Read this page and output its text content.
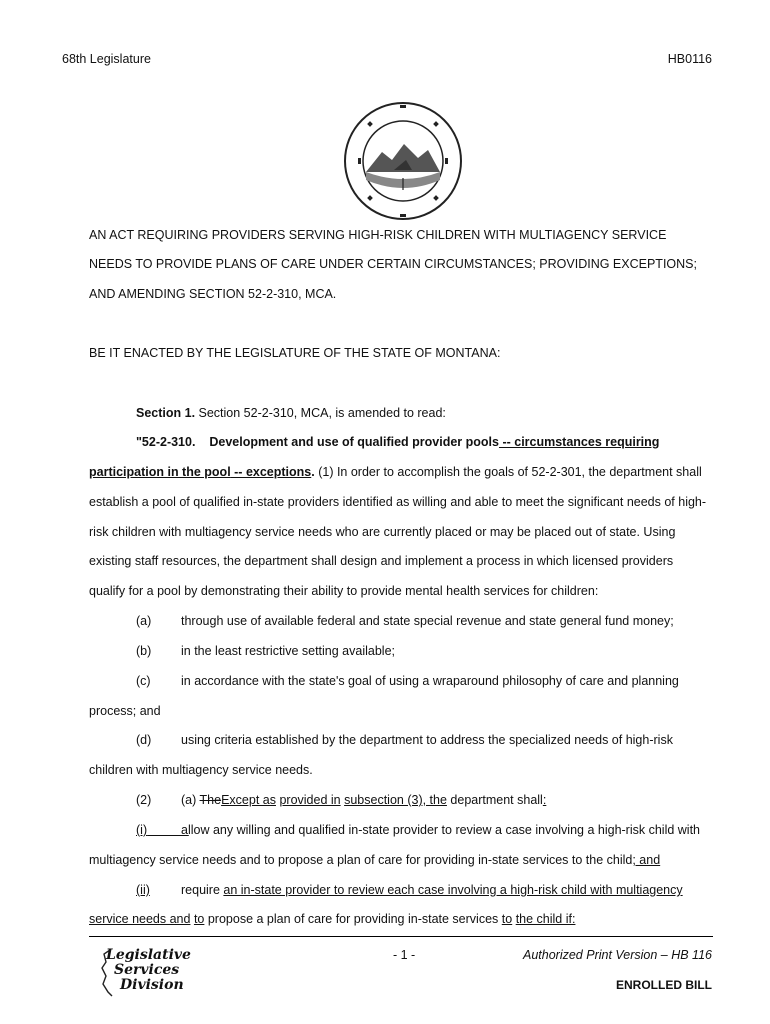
68th Legislature	HB0116
AN ACT REQUIRING PROVIDERS SERVING HIGH-RISK CHILDREN WITH MULTIAGENCY SERVICE
NEEDS TO PROVIDE PLANS OF CARE UNDER CERTAIN CIRCUMSTANCES; PROVIDING EXCEPTIONS;
AND AMENDING SECTION 52-2-310, MCA.
BE IT ENACTED BY THE LEGISLATURE OF THE STATE OF MONTANA:
Section 1. Section 52-2-310, MCA, is amended to read:
"52-2-310. Development and use of qualified provider pools -- circumstances requiring
participation in the pool -- exceptions. (1) In order to accomplish the goals of 52-2-301, the department shall
establish a pool of qualified in-state providers identified as willing and able to meet the significant needs of high-
risk children with multiagency service needs who are currently placed or may be placed out of state. Using
existing staff resources, the department shall design and implement a process in which licensed providers
qualify for a pool by demonstrating their ability to provide mental health services for children:
(a) through use of available federal and state special revenue and state general fund money;
(b) in the least restrictive setting available;
(c) in accordance with the state's goal of using a wraparound philosophy of care and planning
process; and
(d) using criteria established by the department to address the specialized needs of high-risk
children with multiagency service needs.
(2) (a) TheExcept as provided in subsection (3), the department shall:
(i)	allow any willing and qualified in-state provider to review a case involving a high-risk child with
multiagency service needs and to propose a plan of care for providing in-state services to the child; and
(ii) require an in-state provider to review each case involving a high-risk child with multiagency
service needs and to propose a plan of care for providing in-state services to the child if:
Legislative
Services
Division
- 1 -	Authorized Print Version – HB 116
ENROLLED BILL
